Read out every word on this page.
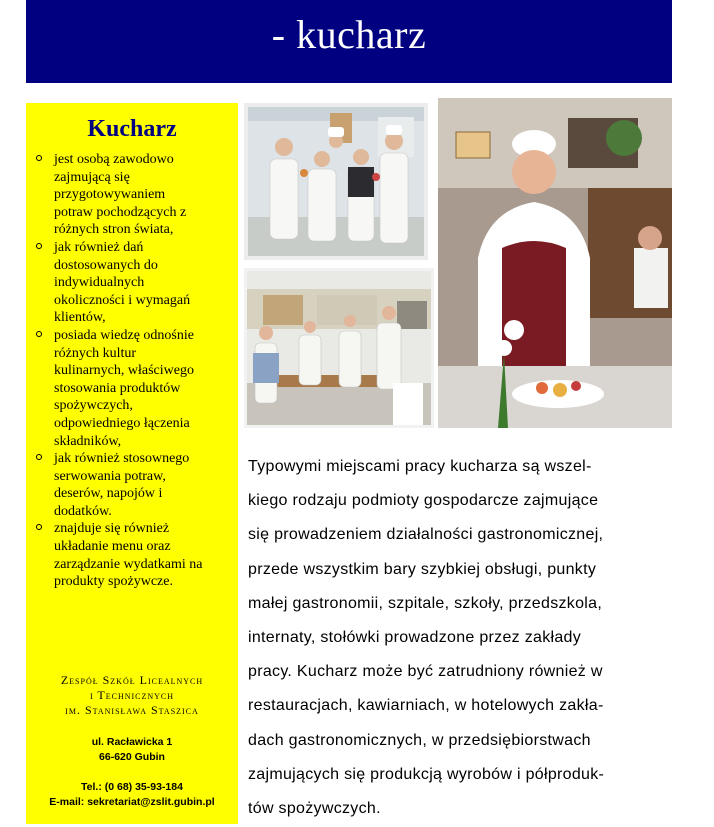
- kucharz
Kucharz
jest osobą zawodowo
zajmującą się
przygotowywaniem
potraw pochodzących z
różnych stron świata,
jak również dań
dostosowanych do
indywidualnych
okoliczności i wymagań
klientów,
posiada wiedzę odnośnie
różnych kultur
kulinarnych, właściwego
stosowania produktów
spożywczych,
odpowiedniego łączenia
składników,
jak również stosownego
serwowania potraw,
deserów, napojów i
dodatków.
znajduje się również
układanie menu oraz
zarządzanie wydatkami na
produkty spożywcze.
Zespół Szkół Licealnych
i Technicznych
im. Stanisława Staszica
ul. Racławicka 1
66-620 Gubin
Tel.: (0 68) 35-93-184
E-mail: sekretariat@zslit.gubin.pl

Typowymi miejscami pracy kucharza są wszel-
kiego rodzaju podmioty gospodarcze zajmujące
się prowadzeniem działalności gastronomicznej,
przede wszystkim bary szybkiej obsługi, punkty
małej gastronomii, szpitale, szkoły, przedszkola,
internaty, stołówki prowadzone przez zakłady
pracy. Kucharz może być zatrudniony również w
restauracjach, kawiarniach, w hotelowych zakła-
dach gastronomicznych, w przedsiębiorstwach
zajmujących się produkcją wyrobów i półproduk-
tów spożywczych.
